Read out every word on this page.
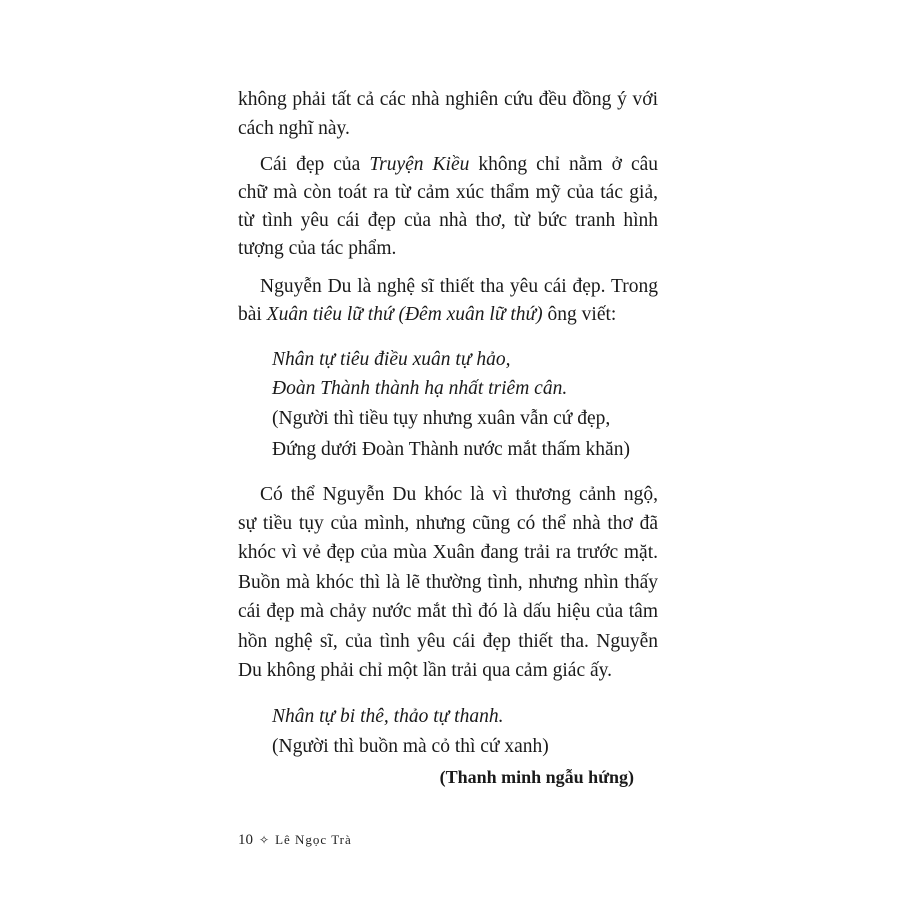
không phải tất cả các nhà nghiên cứu đều đồng ý với
cách nghĩ này.
Cái đẹp của Truyện Kiều không chỉ nằm ở câu
chữ mà còn toát ra từ cảm xúc thẩm mỹ của tác giả,
từ tình yêu cái đẹp của nhà thơ, từ bức tranh hình
tượng của tác phẩm.
Nguyễn Du là nghệ sĩ thiết tha yêu cái đẹp. Trong
bài Xuân tiêu lữ thứ (Đêm xuân lữ thứ) ông viết:
Nhân tự tiêu điều xuân tự hảo,
Đoàn Thành thành hạ nhất triêm cân.
(Người thì tiều tụy nhưng xuân vẫn cứ đẹp,
Đứng dưới Đoàn Thành nước mắt thấm khăn)
Có thể Nguyễn Du khóc là vì thương cảnh ngộ,
sự tiều tụy của mình, nhưng cũng có thể nhà thơ đã
khóc vì vẻ đẹp của mùa Xuân đang trải ra trước mặt.
Buồn mà khóc thì là lẽ thường tình, nhưng nhìn thấy
cái đẹp mà chảy nước mắt thì đó là dấu hiệu của tâm
hồn nghệ sĩ, của tình yêu cái đẹp thiết tha. Nguyễn
Du không phải chỉ một lần trải qua cảm giác ấy.
Nhân tự bi thê, thảo tự thanh.
(Người thì buồn mà cỏ thì cứ xanh)
(Thanh minh ngẫu hứng)
10 ✧ Lê Ngọc Trà
